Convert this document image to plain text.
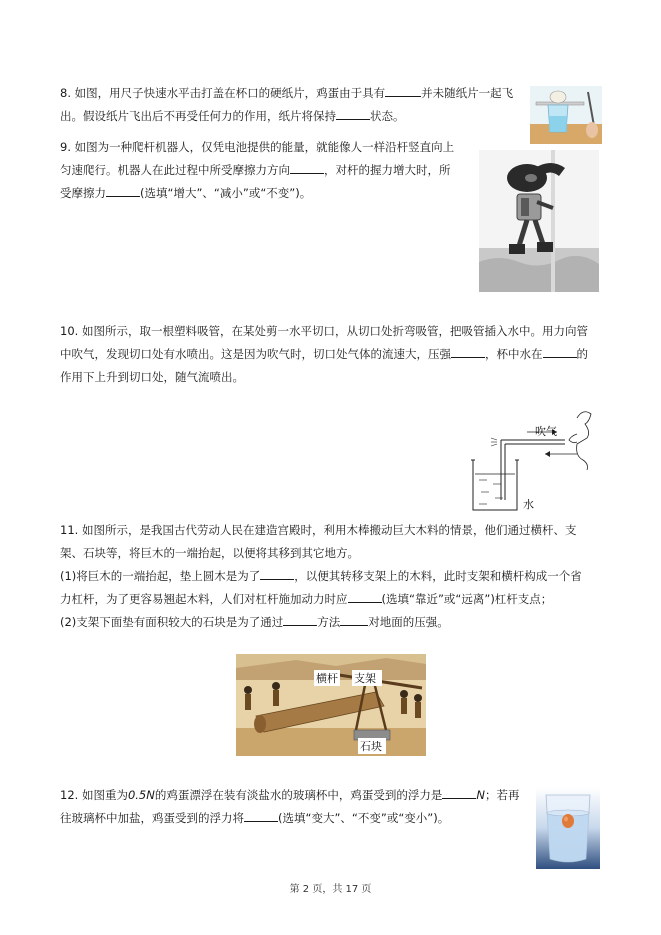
8. 如图，用尺子快速水平击打盖在杯口的硬纸片，鸡蛋由于具有	并未随纸片一起飞
出。假设纸片飞出后不再受任何力的作用，纸片将保持	状态。
9. 如图为一种爬杆机器人，仅凭电池提供的能量，就能像人一样沿杆竖直向上
匀速爬行。机器人在此过程中所受摩擦力方向	，对杆的握力增大时，所
受摩擦力	(选填“增大”、“减小”或“不变”)。
10. 如图所示，取一根塑料吸管，在某处剪一水平切口，从切口处折弯吸管，把吸管插入水中。用力向管
中吹气，发现切口处有水喷出。这是因为吹气时，切口处气体的流速大，压强	，杯中水在	的
作用下上升到切口处，随气流喷出。
吹气
水
11. 如图所示，是我国古代劳动人民在建造宫殿时，利用木棒搬动巨大木料的情景，他们通过横杆、支
架、石块等，将巨木的一端抬起，以便将其移到其它地方。
(1)将巨木的一端抬起，垫上圆木是为了	，以便其转移支架上的木料，此时支架和横杆构成一个省
力杠杆，为了更容易翘起木料，人们对杠杆施加动力时应	(选填“靠近”或“远离”)杠杆支点；
(2)支架下面垫有面积较大的石块是为了通过	方法 对地面的压强。
横杆 支架
石块
12. 如图重为0.5N的鸡蛋漂浮在装有淡盐水的玻璃杯中，鸡蛋受到的浮力是	N；若再
往玻璃杯中加盐，鸡蛋受到的浮力将	(选填“变大”、“不变”或“变小”)。
第 2 页，共 17 页
